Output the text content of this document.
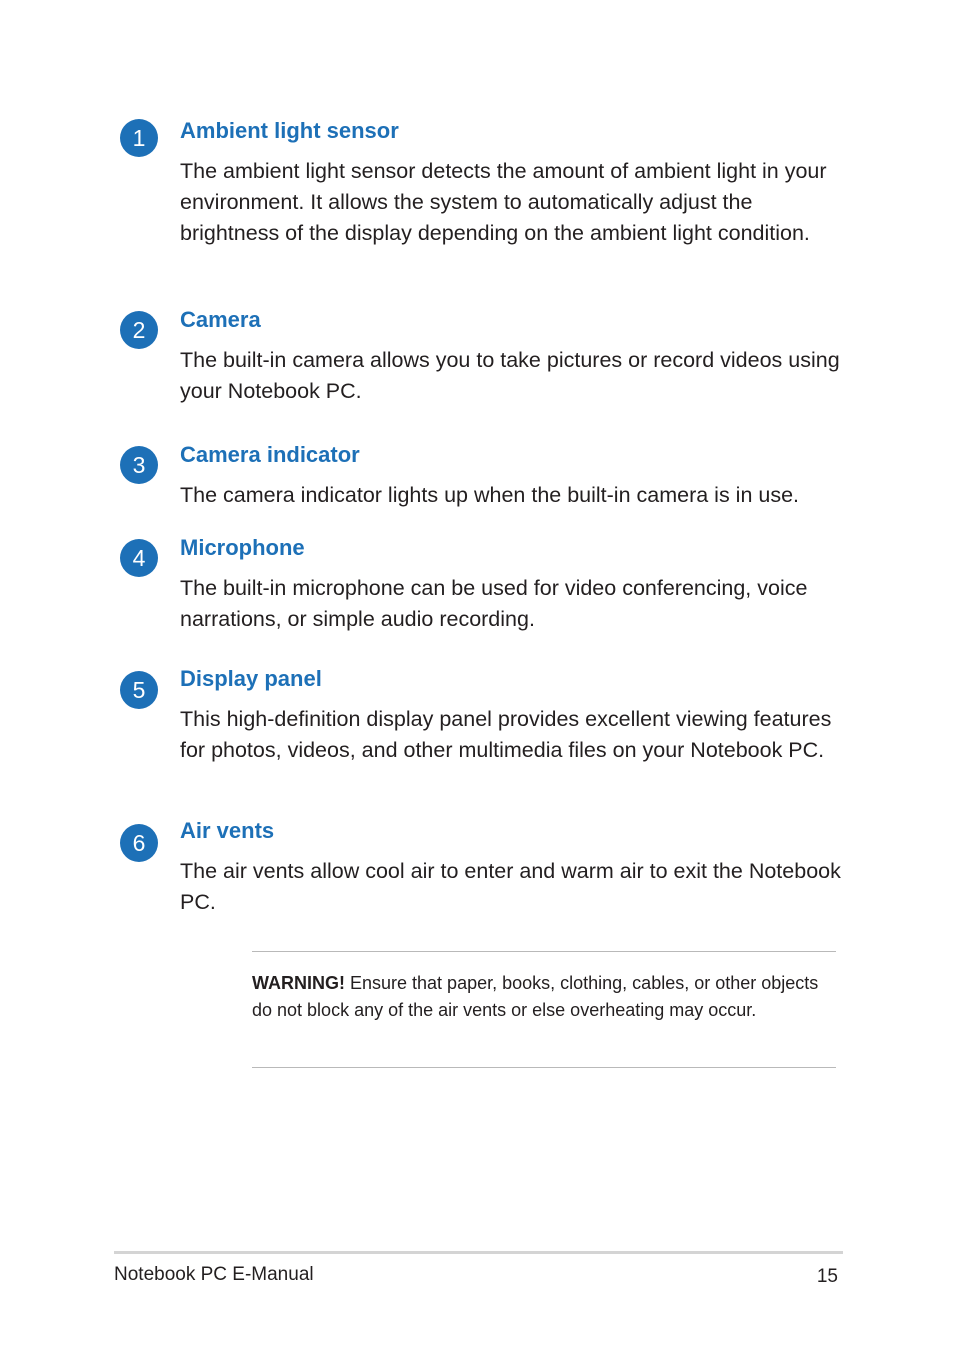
1	Ambient light sensor

The ambient light sensor detects the amount of ambient light in your environment. It allows the system to automatically adjust the brightness of the display depending on the ambient light condition.

2	Camera

The built-in camera allows you to take pictures or record videos using your Notebook PC.

3	Camera indicator

The camera indicator lights up when the built-in camera is in use.

4	Microphone

The built-in microphone can be used for video conferencing, voice narrations, or simple audio recording.

5	Display panel

This high-definition display panel provides excellent viewing features for photos, videos, and other multimedia files on your Notebook PC.

6	Air vents

The air vents allow cool air to enter and warm air to exit the Notebook PC.

WARNING! Ensure that paper, books, clothing, cables, or other objects do not block any of the air vents or else overheating may occur.
Notebook PC E-Manual	15
